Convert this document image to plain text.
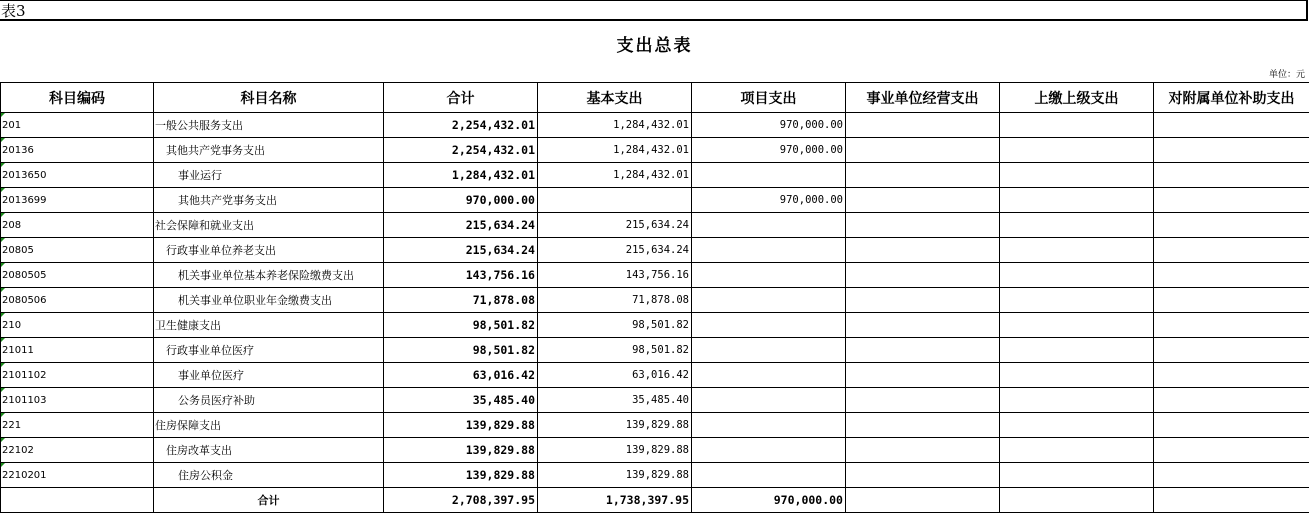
表3
支出总表
单位：元
科目编码	科目名称	合计	基本支出	项目支出	事业单位经营支出	上缴上级支出	对附属单位补助支出
201	一般公共服务支出	2,254,432.01	1,284,432.01	970,000.00			
20136	其他共产党事务支出	2,254,432.01	1,284,432.01	970,000.00			
2013650	事业运行	1,284,432.01	1,284,432.01				
2013699	其他共产党事务支出	970,000.00		970,000.00			
208	社会保障和就业支出	215,634.24	215,634.24				
20805	行政事业单位养老支出	215,634.24	215,634.24				
2080505	机关事业单位基本养老保险缴费支出	143,756.16	143,756.16				
2080506	机关事业单位职业年金缴费支出	71,878.08	71,878.08				
210	卫生健康支出	98,501.82	98,501.82				
21011	行政事业单位医疗	98,501.82	98,501.82				
2101102	事业单位医疗	63,016.42	63,016.42				
2101103	公务员医疗补助	35,485.40	35,485.40				
221	住房保障支出	139,829.88	139,829.88				
22102	住房改革支出	139,829.88	139,829.88				
2210201	住房公积金	139,829.88	139,829.88				
	合计	2,708,397.95	1,738,397.95	970,000.00			
